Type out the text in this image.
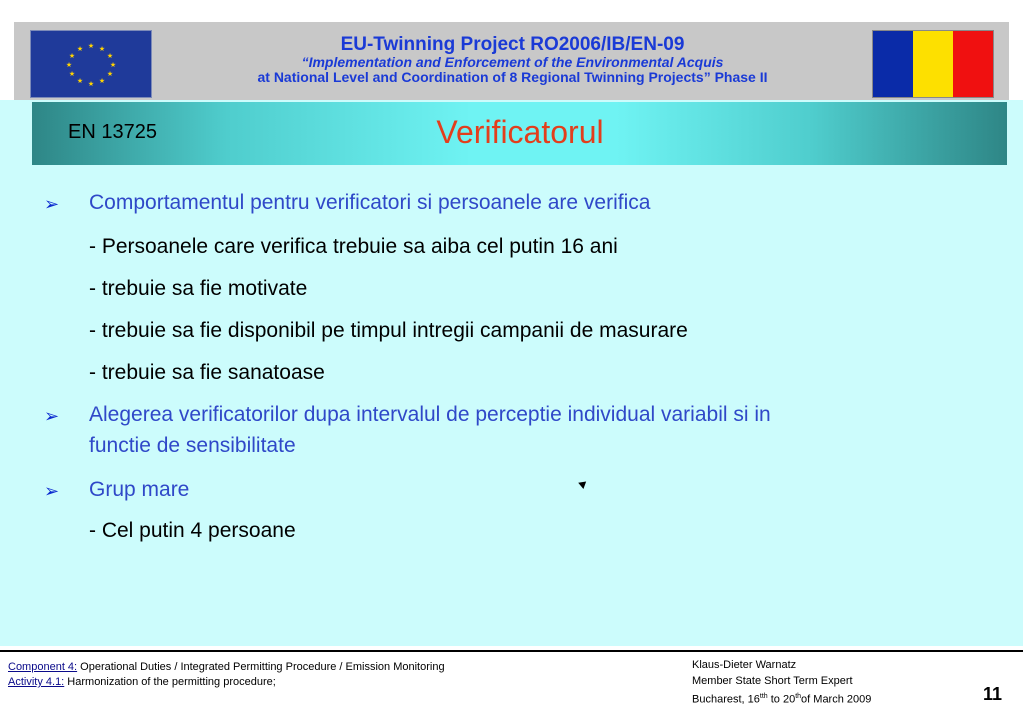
★ ★
★
★
★
★
★
★
★
★
★
★	EU-Twinning Project RO2006/IB/EN-09
“Implementation and Enforcement of the Environmental Acquis
at National Level and Coordination of 8 Regional Twinning Projects” Phase II
EN 13725	Verificatorul
➢ Comportamentul pentru verificatori si persoanele are verifica
- Persoanele care verifica trebuie sa aiba cel putin 16 ani
- trebuie sa fie motivate
- trebuie sa fie disponibil pe timpul intregii campanii de masurare
- trebuie sa fie sanatoase
➢ Alegerea verificatorilor dupa intervalul de perceptie individual variabil si in
functie de sensibilitate
➢ Grup mare
- Cel putin 4 persoane
Component 4: Operational Duties / Integrated Permitting Procedure / Emission Monitoring
Activity 4.1: Harmonization of the permitting procedure;
Klaus-Dieter Warnatz
Member State Short Term Expert
Bucharest, $16^{tth}$ to 20thof March 2009	11
